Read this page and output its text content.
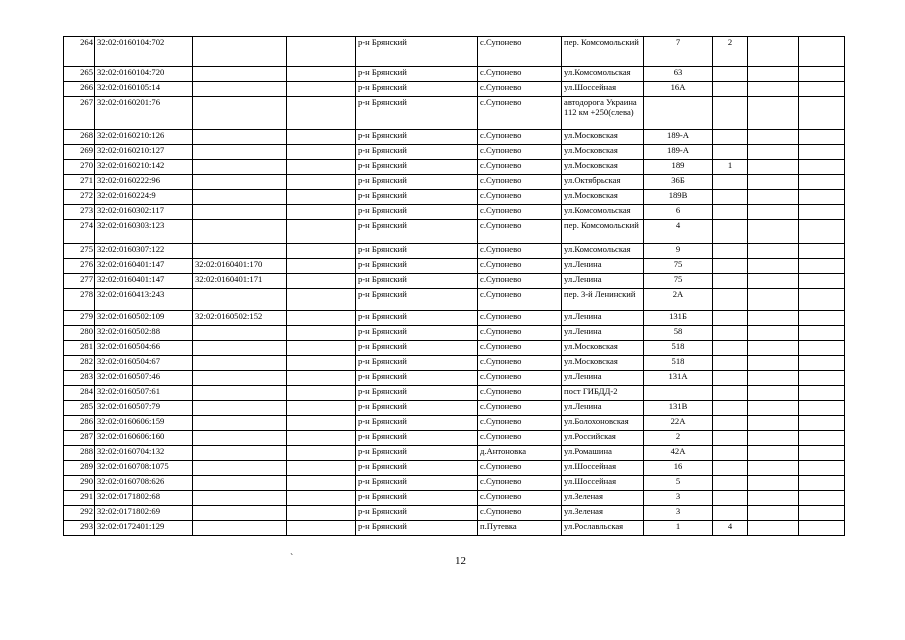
264	32:02:0160104:702			р-н Брянский	с.Супонево	пер. Комсомольский	7	2		
265	32:02:0160104:720			р-н Брянский	с.Супонево	ул.Комсомольская	63			
266	32:02:0160105:14			р-н Брянский	с.Супонево	ул.Шоссейная	16А			
267	32:02:0160201:76			р-н Брянский	с.Супонево	автодорога Украина 112 км +250(слева)				
268	32:02:0160210:126			р-н Брянский	с.Супонево	ул.Московская	189-А			
269	32:02:0160210:127			р-н Брянский	с.Супонево	ул.Московская	189-А			
270	32:02:0160210:142			р-н Брянский	с.Супонево	ул.Московская	189	1		
271	32:02:0160222:96			р-н Брянский	с.Супонево	ул.Октябрьская	36Б			
272	32:02:0160224:9			р-н Брянский	с.Супонево	ул.Московская	189В			
273	32:02:0160302:117			р-н Брянский	с.Супонево	ул.Комсомольская	6			
274	32:02:0160303:123			р-н Брянский	с.Супонево	пер. Комсомольский	4			
275	32:02:0160307:122			р-н Брянский	с.Супонево	ул.Комсомольская	9			
276	32:02:0160401:147	32:02:0160401:170		р-н Брянский	с.Супонево	ул.Ленина	75			
277	32:02:0160401:147	32:02:0160401:171		р-н Брянский	с.Супонево	ул.Ленина	75			
278	32:02:0160413:243			р-н Брянский	с.Супонево	пер. 3-й Ленинский	2А			
279	32:02:0160502:109	32:02:0160502:152		р-н Брянский	с.Супонево	ул.Ленина	131Б			
280	32:02:0160502:88			р-н Брянский	с.Супонево	ул.Ленина	58			
281	32:02:0160504:66			р-н Брянский	с.Супонево	ул.Московская	518			
282	32:02:0160504:67			р-н Брянский	с.Супонево	ул.Московская	518			
283	32:02:0160507:46			р-н Брянский	с.Супонево	ул.Ленина	131А			
284	32:02:0160507:61			р-н Брянский	с.Супонево	пост ГИБДД-2				
285	32:02:0160507:79			р-н Брянский	с.Супонево	ул.Ленина	131В			
286	32:02:0160606:159			р-н Брянский	с.Супонево	ул.Болохоновская	22А			
287	32:02:0160606:160			р-н Брянский	с.Супонево	ул.Российская	2			
288	32:02:0160704:132			р-н Брянский	д.Антоновка	ул.Ромашина	42А			
289	32:02:0160708:1075			р-н Брянский	с.Супонево	ул.Шоссейная	16			
290	32:02:0160708:626			р-н Брянский	с.Супонево	ул.Шоссейная	5			
291	32:02:0171802:68			р-н Брянский	с.Супонево	ул.Зеленая	3			
292	32:02:0171802:69			р-н Брянский	с.Супонево	ул.Зеленая	3			
293	32:02:0172401:129			р-н Брянский	п.Путевка	ул.Рославльская	1	4		
`	12
